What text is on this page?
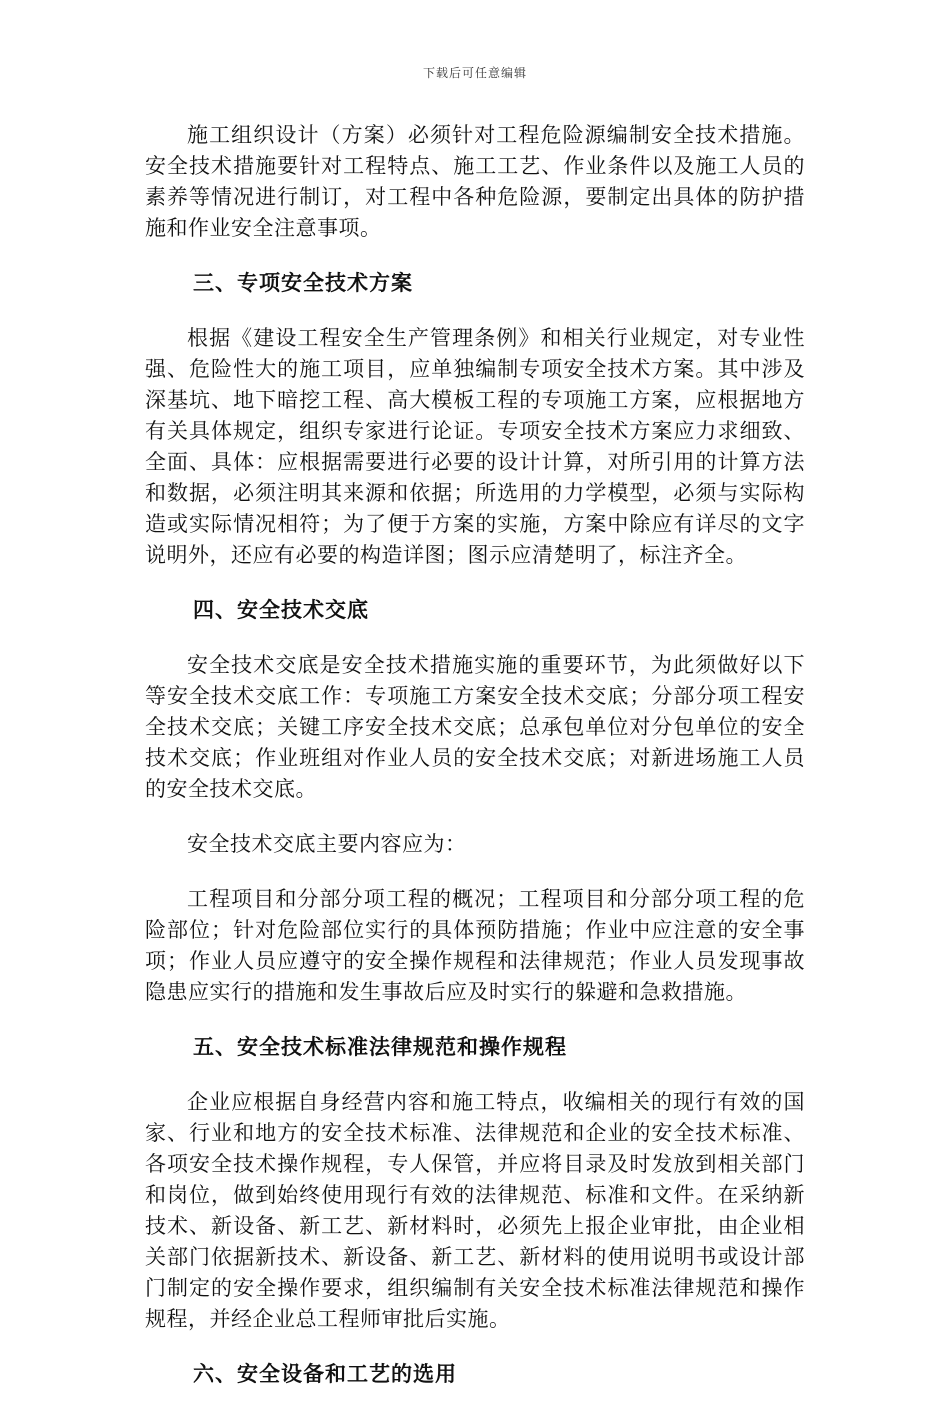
下载后可任意编辑

施工组织设计（方案）必须针对工程危险源编制安全技术措施。安全技术措施要针对工程特点、施工工艺、作业条件以及施工人员的素养等情况进行制订，对工程中各种危险源，要制定出具体的防护措施和作业安全注意事项。

三、专项安全技术方案

根据《建设工程安全生产管理条例》和相关行业规定，对专业性强、危险性大的施工项目，应单独编制专项安全技术方案。其中涉及深基坑、地下暗挖工程、高大模板工程的专项施工方案，应根据地方有关具体规定，组织专家进行论证。专项安全技术方案应力求细致、全面、具体：应根据需要进行必要的设计计算，对所引用的计算方法和数据，必须注明其来源和依据；所选用的力学模型，必须与实际构造或实际情况相符；为了便于方案的实施，方案中除应有详尽的文字说明外，还应有必要的构造详图；图示应清楚明了，标注齐全。

四、安全技术交底

安全技术交底是安全技术措施实施的重要环节，为此须做好以下等安全技术交底工作：专项施工方案安全技术交底；分部分项工程安全技术交底；关键工序安全技术交底；总承包单位对分包单位的安全技术交底；作业班组对作业人员的安全技术交底；对新进场施工人员的安全技术交底。

安全技术交底主要内容应为：

工程项目和分部分项工程的概况；工程项目和分部分项工程的危险部位；针对危险部位实行的具体预防措施；作业中应注意的安全事项；作业人员应遵守的安全操作规程和法律规范；作业人员发现事故隐患应实行的措施和发生事故后应及时实行的躲避和急救措施。

五、安全技术标准法律规范和操作规程

企业应根据自身经营内容和施工特点，收编相关的现行有效的国家、行业和地方的安全技术标准、法律规范和企业的安全技术标准、各项安全技术操作规程，专人保管，并应将目录及时发放到相关部门和岗位，做到始终使用现行有效的法律规范、标准和文件。在采纳新技术、新设备、新工艺、新材料时，必须先上报企业审批，由企业相关部门依据新技术、新设备、新工艺、新材料的使用说明书或设计部门制定的安全操作要求，组织编制有关安全技术标准法律规范和操作规程，并经企业总工程师审批后实施。

六、安全设备和工艺的选用
